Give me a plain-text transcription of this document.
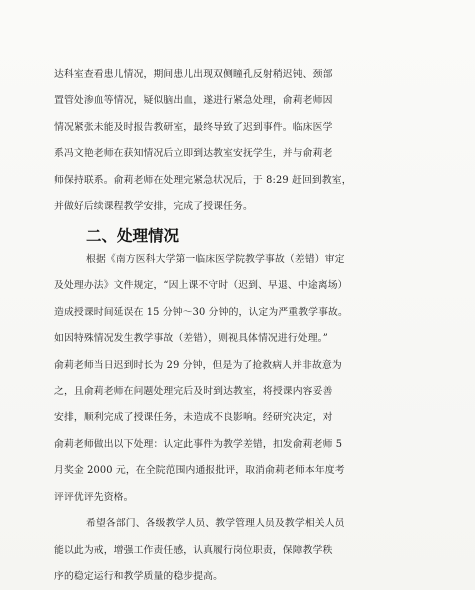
达科室查看患儿情况，期间患儿出现双侧瞳孔反射稍迟钝、颈部
置管处渗血等情况，疑似脑出血，遂进行紧急处理，俞莉老师因
情况紧张未能及时报告教研室，最终导致了迟到事件。临床医学
系冯文艳老师在获知情况后立即到达教室安抚学生，并与俞莉老
师保持联系。俞莉老师在处理完紧急状况后，于 8:29 赶回到教室，
并做好后续课程教学安排，完成了授课任务。
二、处理情况
根据《南方医科大学第一临床医学院教学事故（差错）审定
及处理办法》文件规定，“因上课不守时（迟到、早退、中途离场）
造成授课时间延误在 15 分钟～30 分钟的，认定为严重教学事故。
如因特殊情况发生教学事故（差错），则视具体情况进行处理。”
俞莉老师当日迟到时长为 29 分钟，但是为了抢救病人并非故意为
之，且俞莉老师在问题处理完后及时到达教室，将授课内容妥善
安排，顺利完成了授课任务，未造成不良影响。经研究决定，对
俞莉老师做出以下处理：认定此事件为教学差错，扣发俞莉老师 5
月奖金 2000 元，在全院范围内通报批评，取消俞莉老师本年度考
评评优评先资格。
希望各部门、各级教学人员、教学管理人员及教学相关人员
能以此为戒，增强工作责任感，认真履行岗位职责，保障教学秩
序的稳定运行和教学质量的稳步提高。
